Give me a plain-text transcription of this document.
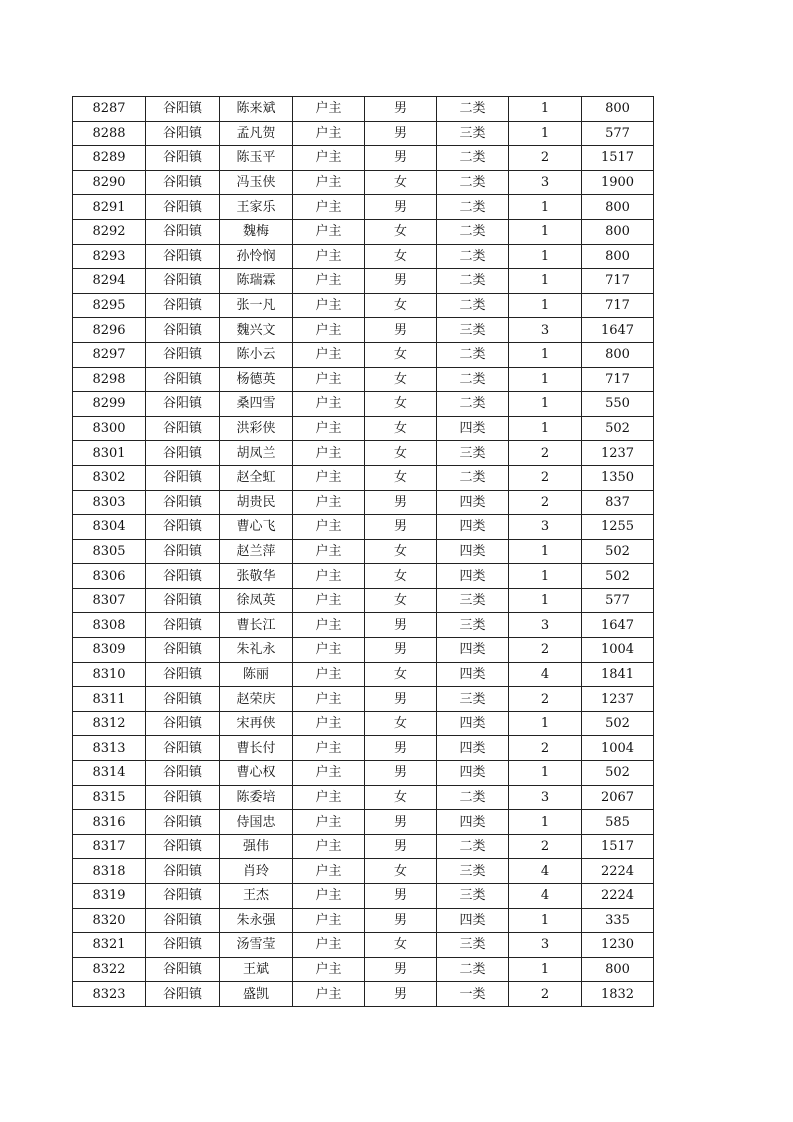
8287	谷阳镇	陈来斌	户主	男	二类	1	800
8288	谷阳镇	孟凡贺	户主	男	三类	1	577
8289	谷阳镇	陈玉平	户主	男	二类	2	1517
8290	谷阳镇	冯玉侠	户主	女	二类	3	1900
8291	谷阳镇	王家乐	户主	男	二类	1	800
8292	谷阳镇	魏梅	户主	女	二类	1	800
8293	谷阳镇	孙怜悯	户主	女	二类	1	800
8294	谷阳镇	陈瑞霖	户主	男	二类	1	717
8295	谷阳镇	张一凡	户主	女	二类	1	717
8296	谷阳镇	魏兴文	户主	男	三类	3	1647
8297	谷阳镇	陈小云	户主	女	二类	1	800
8298	谷阳镇	杨德英	户主	女	二类	1	717
8299	谷阳镇	桑四雪	户主	女	二类	1	550
8300	谷阳镇	洪彩侠	户主	女	四类	1	502
8301	谷阳镇	胡凤兰	户主	女	三类	2	1237
8302	谷阳镇	赵全虹	户主	女	二类	2	1350
8303	谷阳镇	胡贵民	户主	男	四类	2	837
8304	谷阳镇	曹心飞	户主	男	四类	3	1255
8305	谷阳镇	赵兰萍	户主	女	四类	1	502
8306	谷阳镇	张敬华	户主	女	四类	1	502
8307	谷阳镇	徐凤英	户主	女	三类	1	577
8308	谷阳镇	曹长江	户主	男	三类	3	1647
8309	谷阳镇	朱礼永	户主	男	四类	2	1004
8310	谷阳镇	陈丽	户主	女	四类	4	1841
8311	谷阳镇	赵荣庆	户主	男	三类	2	1237
8312	谷阳镇	宋再侠	户主	女	四类	1	502
8313	谷阳镇	曹长付	户主	男	四类	2	1004
8314	谷阳镇	曹心权	户主	男	四类	1	502
8315	谷阳镇	陈委培	户主	女	二类	3	2067
8316	谷阳镇	侍国忠	户主	男	四类	1	585
8317	谷阳镇	强伟	户主	男	二类	2	1517
8318	谷阳镇	肖玲	户主	女	三类	4	2224
8319	谷阳镇	王杰	户主	男	三类	4	2224
8320	谷阳镇	朱永强	户主	男	四类	1	335
8321	谷阳镇	汤雪莹	户主	女	三类	3	1230
8322	谷阳镇	王斌	户主	男	二类	1	800
8323	谷阳镇	盛凯	户主	男	一类	2	1832
